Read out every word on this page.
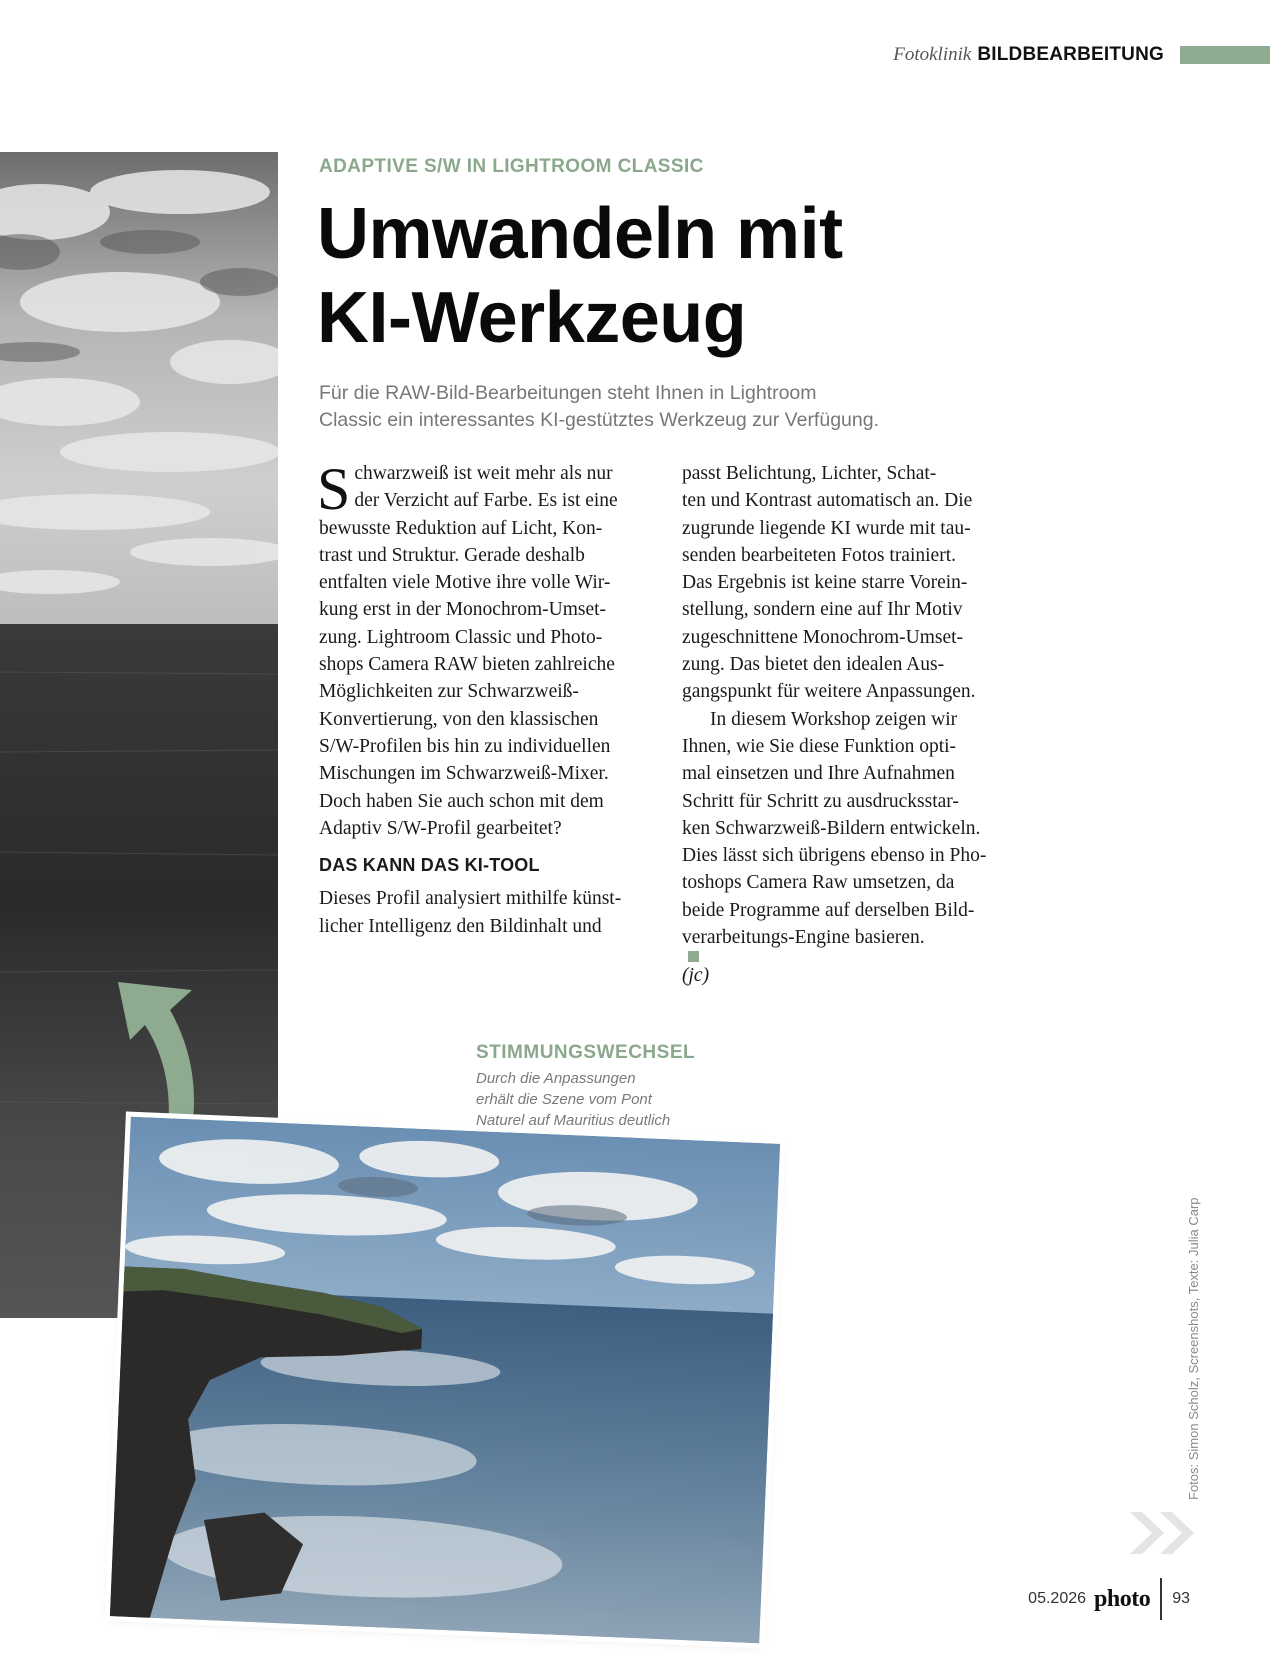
Fotoklinik BILDBEARBEITUNG
ADAPTIVE S/W IN LIGHTROOM CLASSIC
Umwandeln mit
KI-Werkzeug
Für die RAW-Bild-Bearbeitungen steht Ihnen in Lightroom
Classic ein interessantes KI-gestütztes Werkzeug zur Verfügung.
S chwarzweiß ist weit mehr als nur
der Verzicht auf Farbe. Es ist eine
bewusste Reduktion auf Licht, Kon-
trast und Struktur. Gerade deshalb
entfalten viele Motive ihre volle Wir-
kung erst in der Monochrom-Umset-
zung. Lightroom Classic und Photo-
shops Camera RAW bieten zahlreiche
Möglichkeiten zur Schwarzweiß-
Konvertierung, von den klassischen
S/W-Profilen bis hin zu individuellen
Mischungen im Schwarzweiß-Mixer.
Doch haben Sie auch schon mit dem
Adaptiv S/W-Profil gearbeitet?
DAS KANN DAS KI-TOOL
Dieses Profil analysiert mithilfe künst-
licher Intelligenz den Bildinhalt und
passt Belichtung, Lichter, Schat-
ten und Kontrast automatisch an. Die
zugrunde liegende KI wurde mit tau-
senden bearbeiteten Fotos trainiert.
Das Ergebnis ist keine starre Vorein-
stellung, sondern eine auf Ihr Motiv
zugeschnittene Monochrom-Umset-
zung. Das bietet den idealen Aus-
gangspunkt für weitere Anpassungen.
In diesem Workshop zeigen wir
Ihnen, wie Sie diese Funktion opti-
mal einsetzen und Ihre Aufnahmen
Schritt für Schritt zu ausdrucksstar-
ken Schwarzweiß-Bildern entwickeln.
Dies lässt sich übrigens ebenso in Pho-
toshops Camera Raw umsetzen, da
beide Programme auf derselben Bild-
verarbeitungs-Engine basieren.
(jc)
STIMMUNGSWECHSEL
Durch die Anpassungen
erhält die Szene vom Pont
Naturel auf Mauritius deutlich
Fotos: Simon Scholz, Screenshots, Texte: Julia Carp
05.2026 photo 93
